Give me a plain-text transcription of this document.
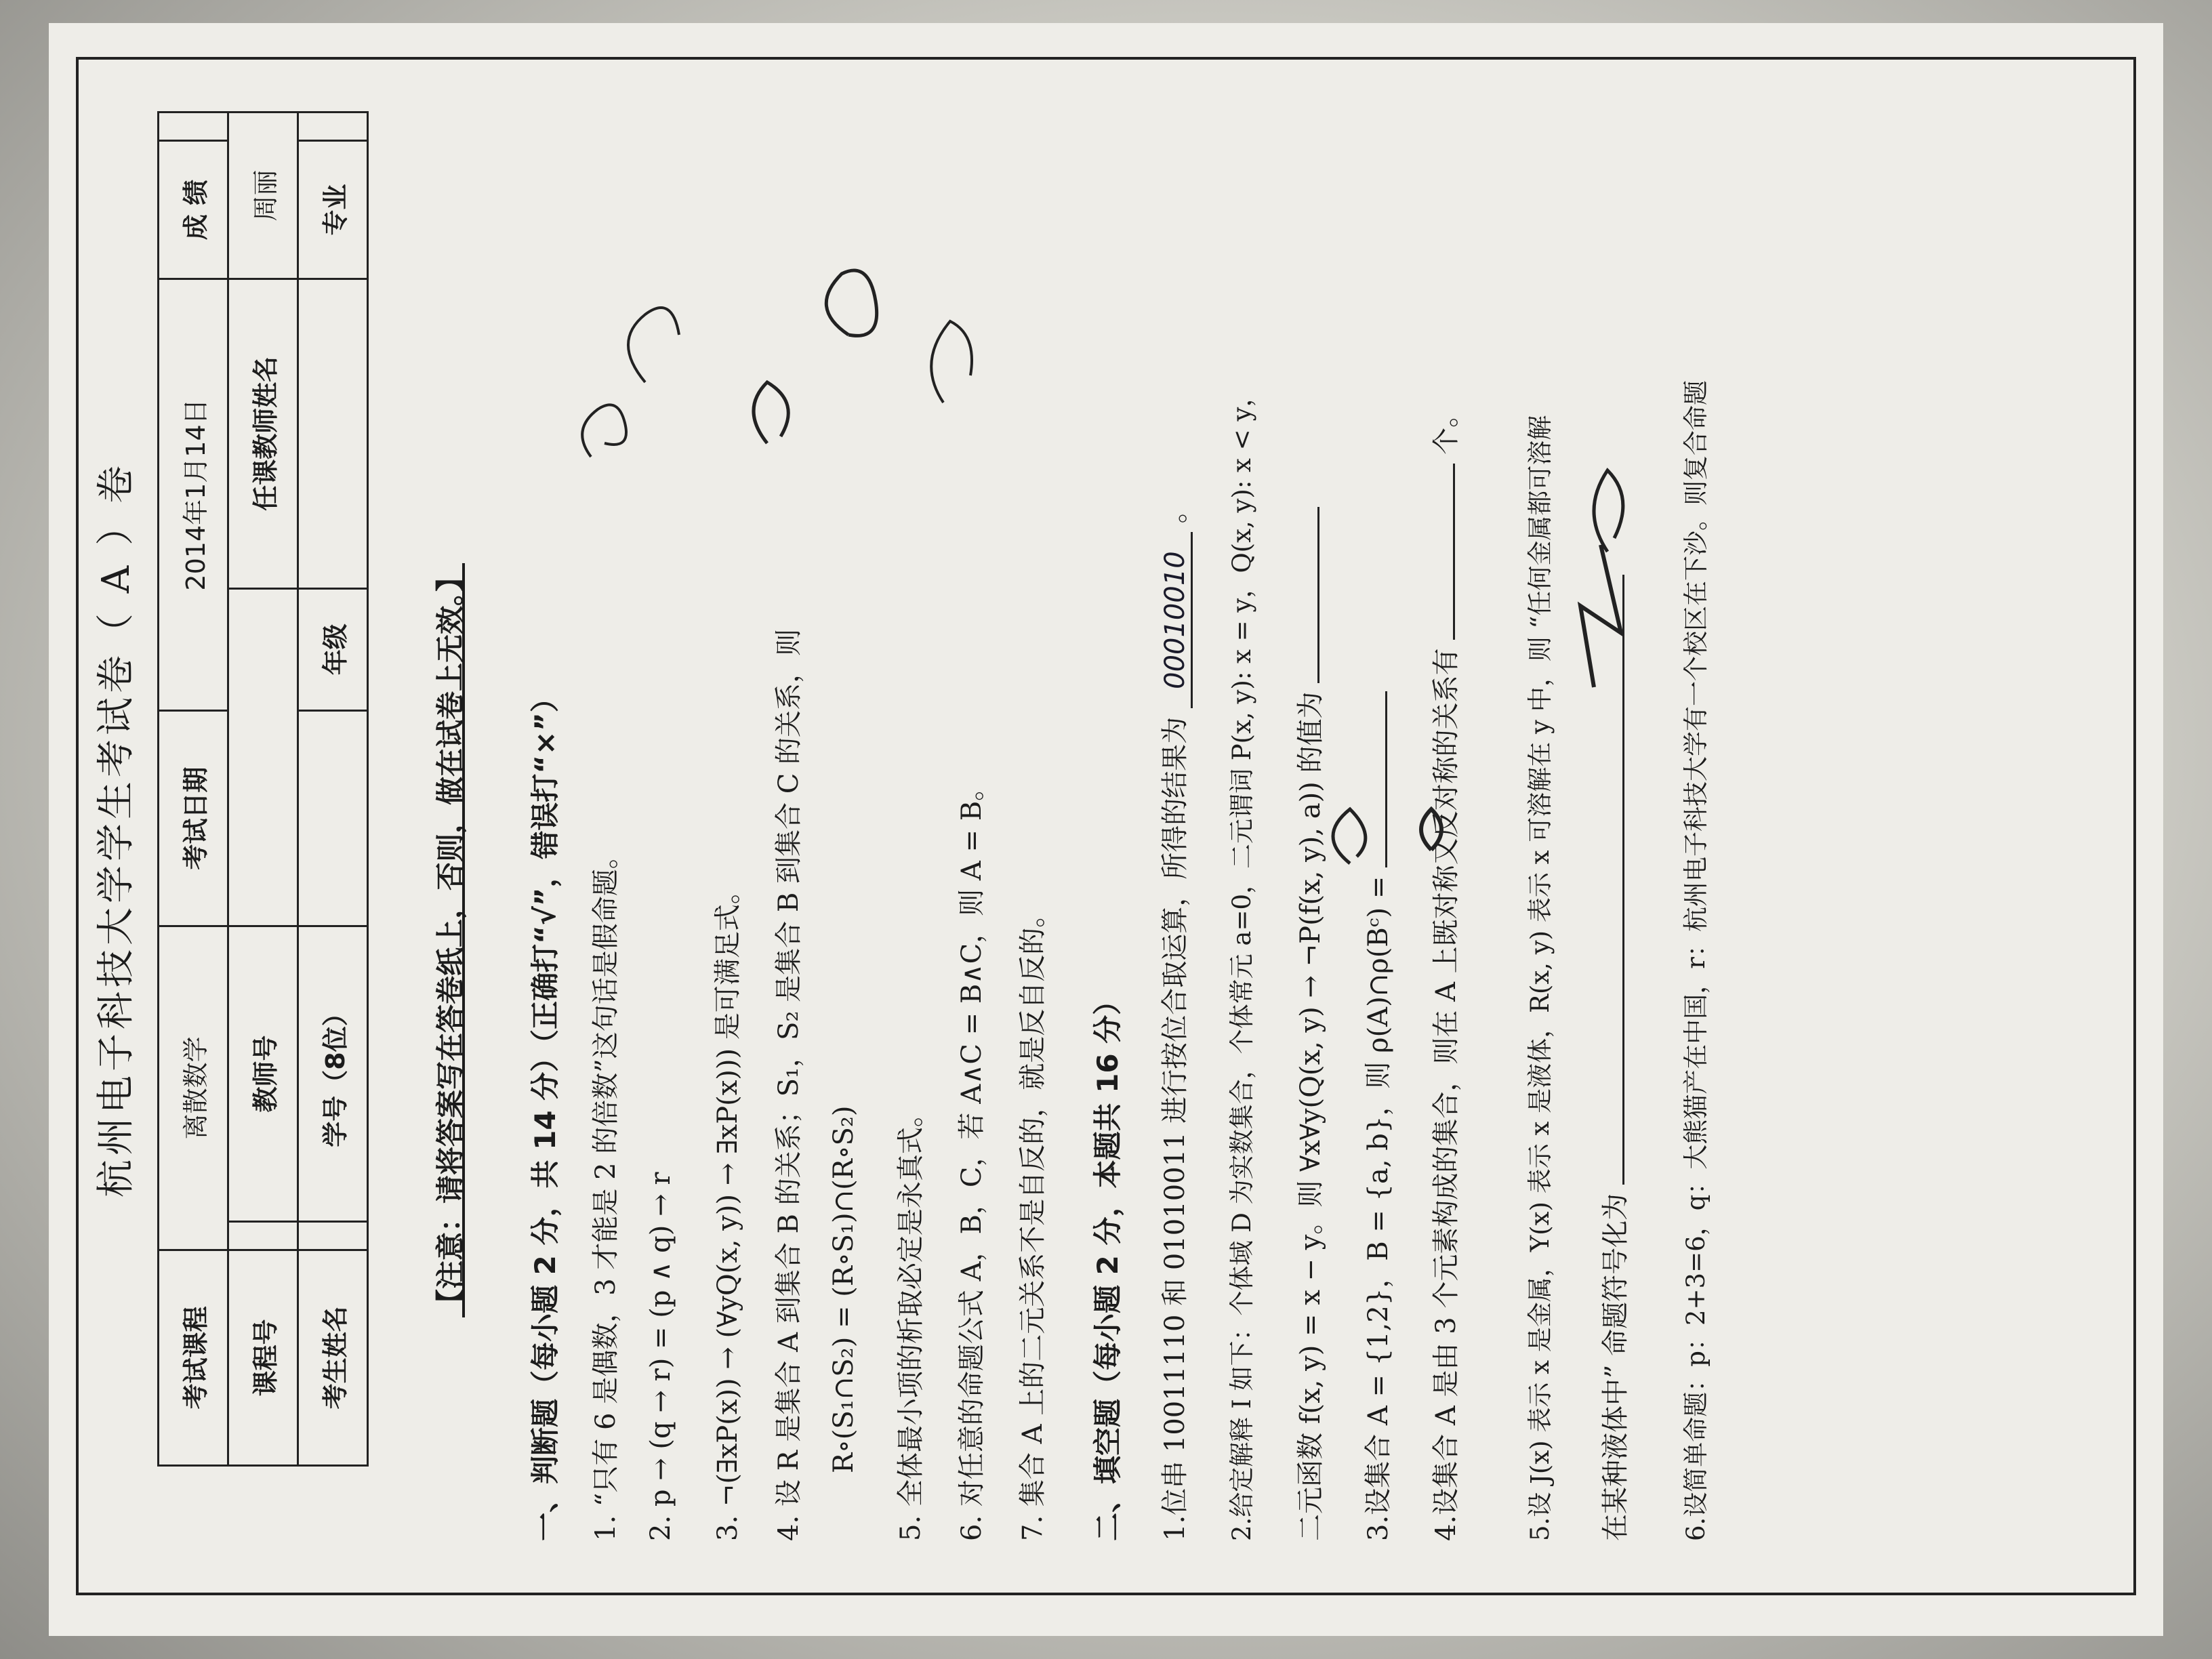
杭州电子科技大学学生考试卷（ A ）卷
考试课程	离散数学		考试日期	2014年1月14日		成 绩	
课程号		教师号			任课教师姓名	周丽	
考生姓名		学号（8位）		年级		专业	
【注意：请将答案写在答卷纸上，否则，做在试卷上无效。】 一、判断题（每小题 2 分，共 14 分）（正确打“√”，错误打“×”） 1. “只有 6 是偶数，3 才能是 2 的倍数”这句话是假命题。 2. p → (q → r) = (p ∧ q) → r 3. ¬(∃xP(x)) → (∀yQ(x, y)) → ∃xP(x))) 是可满足式。 4. 设 R 是集合 A 到集合 B 的关系；S₁，S₂ 是集合 B 到集合 C 的关系，则 R∘(S₁∩S₂) = (R∘S₁)∩(R∘S₂) 5. 全体最小项的析取必定是永真式。 6. 对任意的命题公式 A，B，C，若 A∧C = B∧C，则 A = B。 7. 集合 A 上的二元关系不是自反的，就是反自反的。 二、填空题（每小题 2 分，本题共 16 分） 1.位串 10011110 和 01010011 进行按位合取运算，所得的结果为 00010010 。 2.给定解释 I 如下：个体域 D 为实数集合，个体常元 a=0，二元谓词 P(x, y): x = y，Q(x, y): x < y， 二元函数 f(x, y) = x − y。则 ∀x∀y(Q(x, y) → ¬P(f(x, y), a)) 的值为 3.设集合 A = {1,2}，B = {a, b}，则 ρ(A)∩ρ(Bᶜ) = 4.设集合 A 是由 3 个元素构成的集合，则在 A 上既对称又反对称的关系有  个。	5.设 J(x) 表示 x 是金属，Y(x) 表示 x 是液体，R(x, y) 表示 x 可溶解在 y 中，则 “任何金属都可溶解 在某种液体中” 命题符号化为 6.设简单命题：p：2+3=6，q：大熊猫产在中国，r：杭州电子科技大学有一个校区在下沙。则复合命题
